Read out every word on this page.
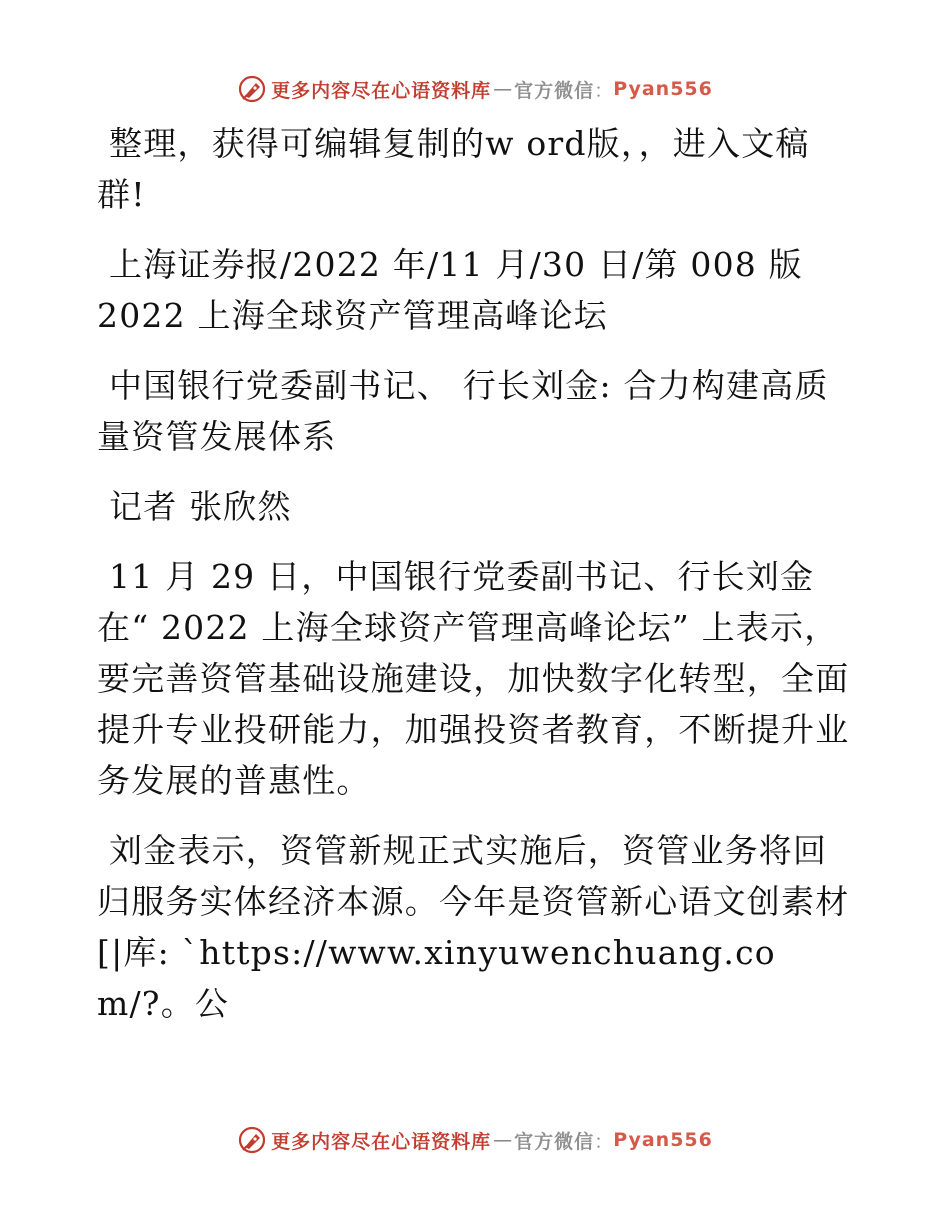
更多内容尽在心语资料库 — 官方微信 ： Pyan556

整理，获得可编辑复制的w ord版，，进入文稿群!

上海证券报/2022 年/11 月/30 日/第 008 版

2022 上海全球资产管理高峰论坛

中国银行党委副书记、 行长刘金: 合力构建高质量资管发展体系

记者 张欣然

11 月 29 日，中国银行党委副书记、行长刘金在“ 2022 上海全球资产管理高峰论坛” 上表示，要完善资管基础设施建设，加快数字化转型，全面提升专业投研能力，加强投资者教育，不断提升业务发展的普惠性。

刘金表示，资管新规正式实施后，资管业务将回归服务实体经济本源。今年是资管新心语文创素材[|库: `https://www.xinyuwenchuang.com/?。公

更多内容尽在心语资料库 — 官方微信 ： Pyan556
